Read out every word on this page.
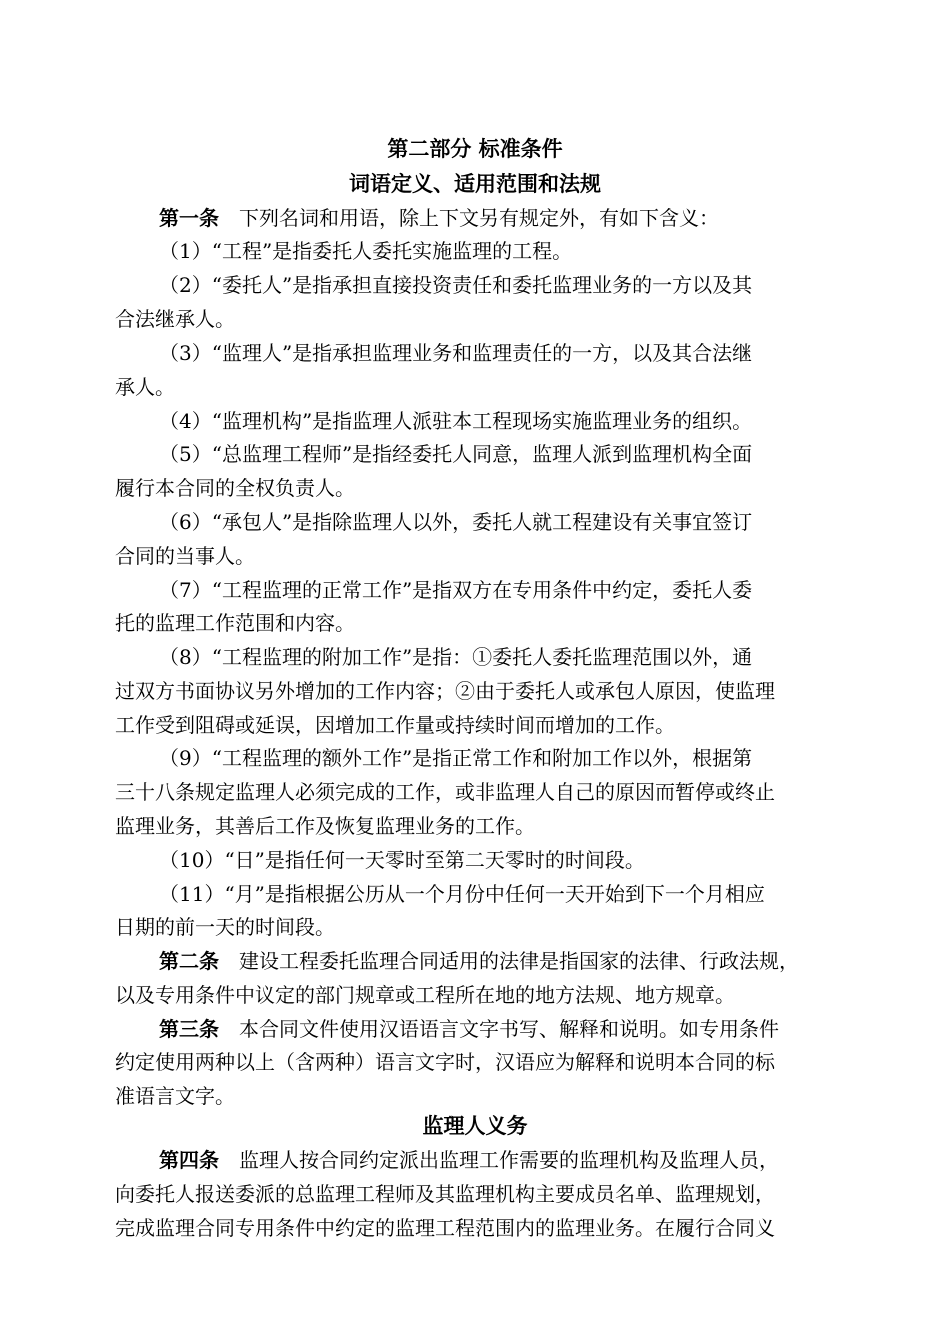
第二部分 标准条件
词语定义、适用范围和法规
第一条 下列名词和用语，除上下文另有规定外，有如下含义：
（1）“工程”是指委托人委托实施监理的工程。
（2）“委托人”是指承担直接投资责任和委托监理业务的一方以及其
合法继承人。
（3）“监理人”是指承担监理业务和监理责任的一方，以及其合法继
承人。
（4）“监理机构”是指监理人派驻本工程现场实施监理业务的组织。
（5）“总监理工程师”是指经委托人同意，监理人派到监理机构全面
履行本合同的全权负责人。
（6）“承包人”是指除监理人以外，委托人就工程建设有关事宜签订
合同的当事人。
（7）“工程监理的正常工作”是指双方在专用条件中约定，委托人委
托的监理工作范围和内容。
（8）“工程监理的附加工作”是指：①委托人委托监理范围以外，通
过双方书面协议另外增加的工作内容；②由于委托人或承包人原因，使监理
工作受到阻碍或延误，因增加工作量或持续时间而增加的工作。
（9）“工程监理的额外工作”是指正常工作和附加工作以外，根据第
三十八条规定监理人必须完成的工作，或非监理人自己的原因而暂停或终止
监理业务，其善后工作及恢复监理业务的工作。
（10）“日”是指任何一天零时至第二天零时的时间段。
（11）“月”是指根据公历从一个月份中任何一天开始到下一个月相应
日期的前一天的时间段。
第二条 建设工程委托监理合同适用的法律是指国家的法律、行政法规，
以及专用条件中议定的部门规章或工程所在地的地方法规、地方规章。
第三条 本合同文件使用汉语语言文字书写、解释和说明。如专用条件
约定使用两种以上（含两种）语言文字时，汉语应为解释和说明本合同的标
准语言文字。
监理人义务
第四条 监理人按合同约定派出监理工作需要的监理机构及监理人员，
向委托人报送委派的总监理工程师及其监理机构主要成员名单、监理规划，
完成监理合同专用条件中约定的监理工程范围内的监理业务。在履行合同义
